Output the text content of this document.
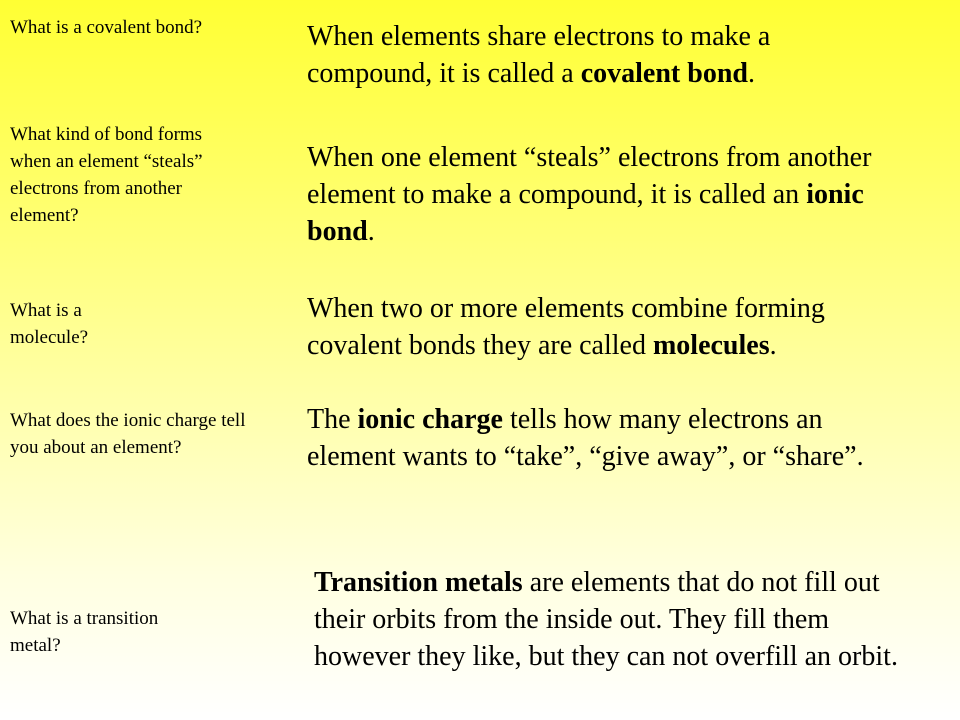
What is a covalent bond?
What kind of bond forms when an element “steals” electrons from another element?
What is a molecule?
What does the ionic charge tell you about an element?
What is a transition metal?
When elements share electrons to make a compound, it is called a covalent bond.
When one element “steals” electrons from another element to make a compound, it is called an ionic bond.
When two or more elements combine forming covalent bonds they are called molecules.
The ionic charge tells how many electrons an element wants to “take”, “give away”, or “share”.
Transition metals are elements that do not fill out their orbits from the inside out. They fill them however they like, but they can not overfill an orbit.
